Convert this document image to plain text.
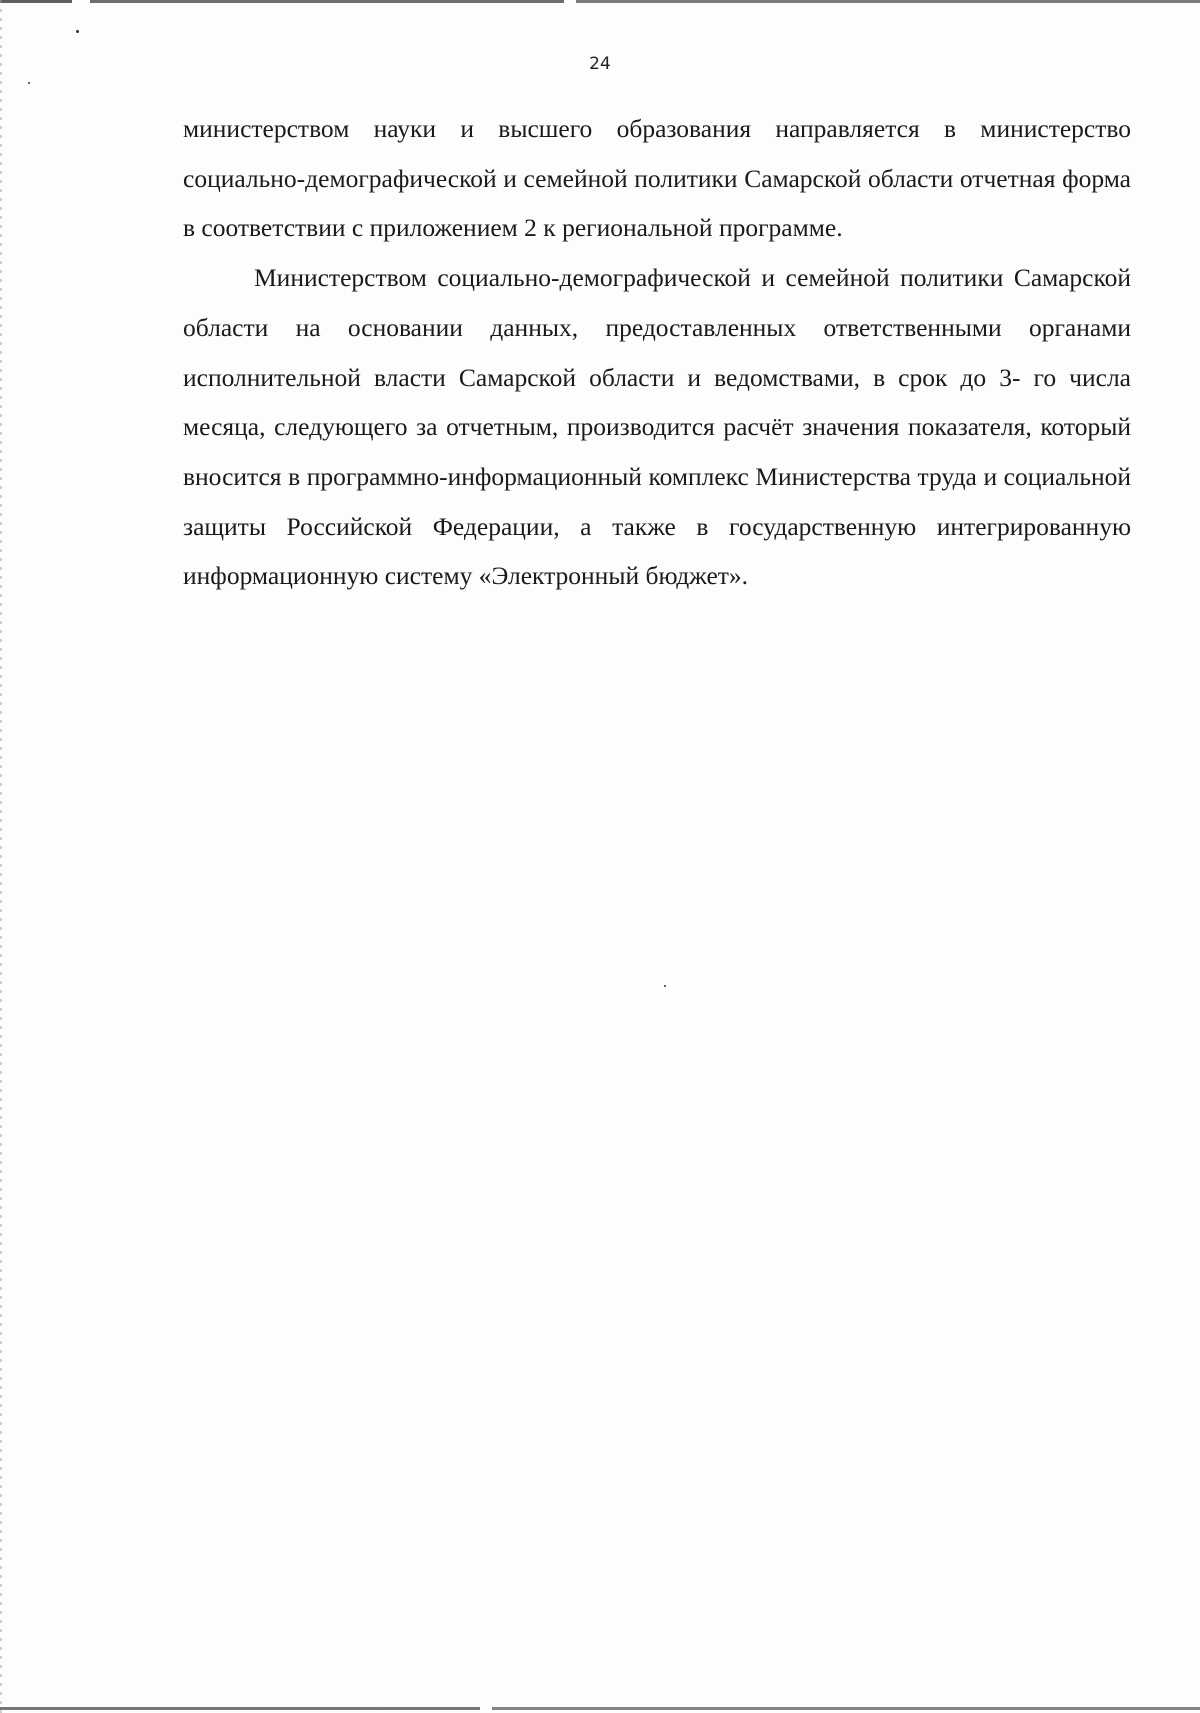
24

министерством науки и высшего образования направляется в министерство социально-демографической и семейной политики Самарской области отчетная форма в соответствии с приложением 2 к региональной программе.

Министерством социально-демографической и семейной политики Самарской области на основании данных, предоставленных ответственными органами исполнительной власти Самарской области и ведомствами, в срок до 3- го числа месяца, следующего за отчетным, производится расчёт значения показателя, который вносится в программно-информационный комплекс Министерства труда и социальной защиты Российской Федерации, а также в государственную интегрированную информационную систему «Электронный бюджет».
